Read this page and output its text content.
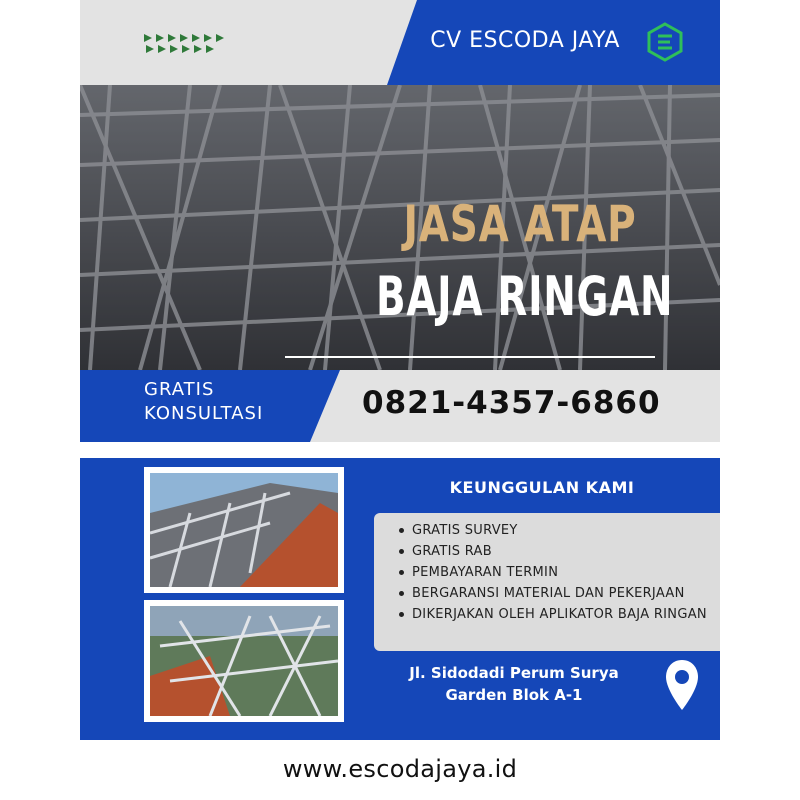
CV ESCODA JAYA
JASA ATAP
BAJA RINGAN
GRATIS
KONSULTASI	0821-4357-6860
KEUNGGULAN KAMI
GRATIS SURVEY
GRATIS RAB
PEMBAYARAN TERMIN
BERGARANSI MATERIAL DAN PEKERJAAN
DIKERJAKAN OLEH APLIKATOR BAJA RINGAN
Jl. Sidodadi Perum Surya
Garden Blok A-1
www.escodajaya.id
